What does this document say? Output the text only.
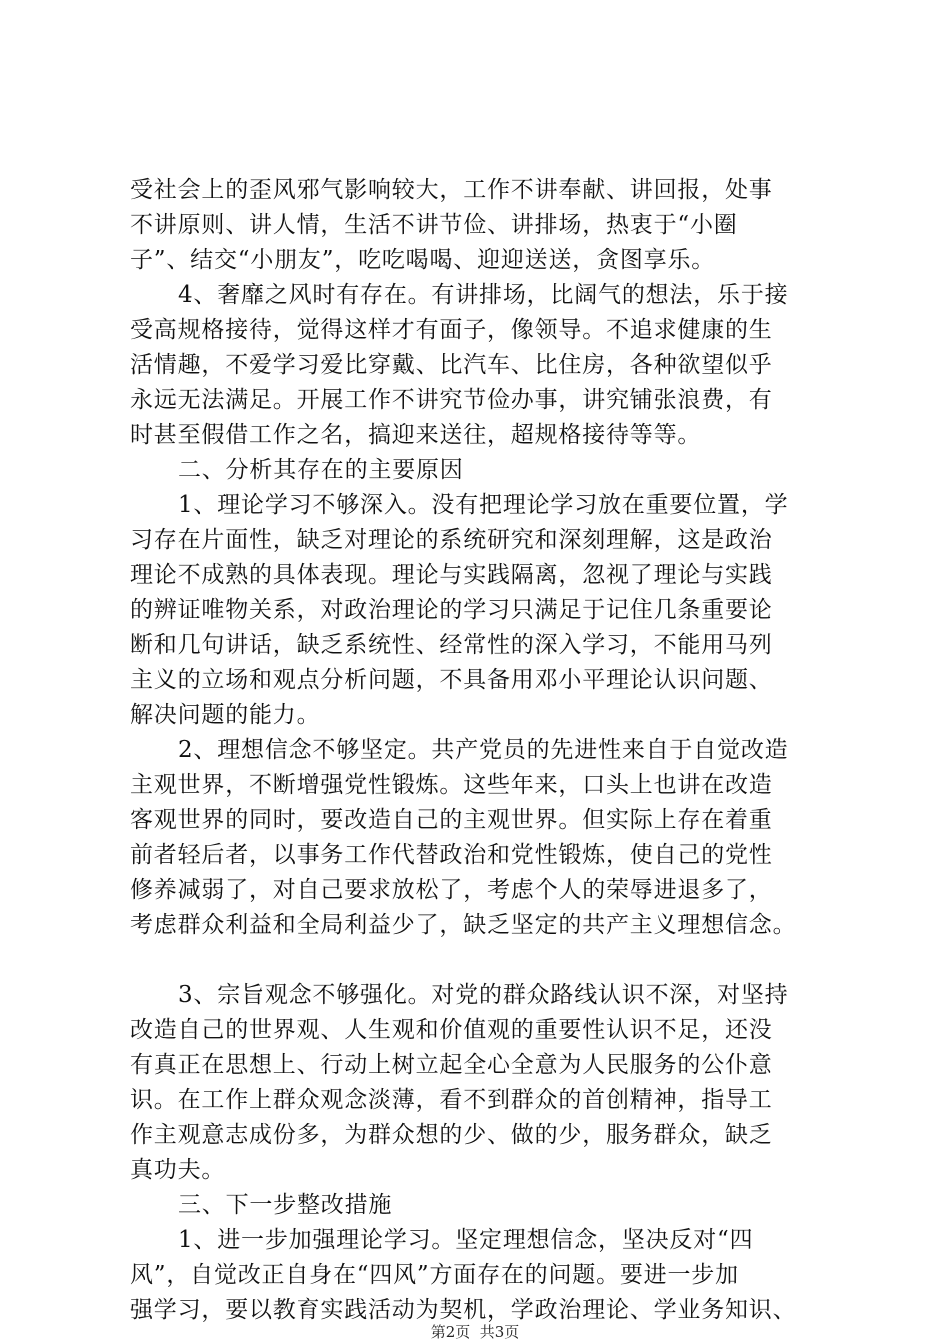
受社会上的歪风邪气影响较大，工作不讲奉献、讲回报，处事
不讲原则、讲人情，生活不讲节俭、讲排场，热衷于“小圈
子”、结交“小朋友”，吃吃喝喝、迎迎送送，贪图享乐。
4、奢靡之风时有存在。有讲排场，比阔气的想法，乐于接
受高规格接待，觉得这样才有面子，像领导。不追求健康的生
活情趣，不爱学习爱比穿戴、比汽车、比住房，各种欲望似乎
永远无法满足。开展工作不讲究节俭办事，讲究铺张浪费，有
时甚至假借工作之名，搞迎来送往，超规格接待等等。
二、分析其存在的主要原因
1、理论学习不够深入。没有把理论学习放在重要位置，学
习存在片面性，缺乏对理论的系统研究和深刻理解，这是政治
理论不成熟的具体表现。理论与实践隔离，忽视了理论与实践
的辨证唯物关系，对政治理论的学习只满足于记住几条重要论
断和几句讲话，缺乏系统性、经常性的深入学习，不能用马列
主义的立场和观点分析问题，不具备用邓小平理论认识问题、
解决问题的能力。
2、理想信念不够坚定。共产党员的先进性来自于自觉改造
主观世界，不断增强党性锻炼。这些年来，口头上也讲在改造
客观世界的同时，要改造自己的主观世界。但实际上存在着重
前者轻后者，以事务工作代替政治和党性锻炼，使自己的党性
修养减弱了，对自己要求放松了，考虑个人的荣辱进退多了，
考虑群众利益和全局利益少了，缺乏坚定的共产主义理想信念。
3、宗旨观念不够强化。对党的群众路线认识不深，对坚持
改造自己的世界观、人生观和价值观的重要性认识不足，还没
有真正在思想上、行动上树立起全心全意为人民服务的公仆意
识。在工作上群众观念淡薄，看不到群众的首创精神，指导工
作主观意志成份多，为群众想的少、做的少，服务群众，缺乏
真功夫。
三、下一步整改措施
1、进一步加强理论学习。坚定理想信念，坚决反对“四
风”，自觉改正自身在“四风”方面存在的问题。要进一步加
强学习，要以教育实践活动为契机，学政治理论、学业务知识、
第2页  共3页
